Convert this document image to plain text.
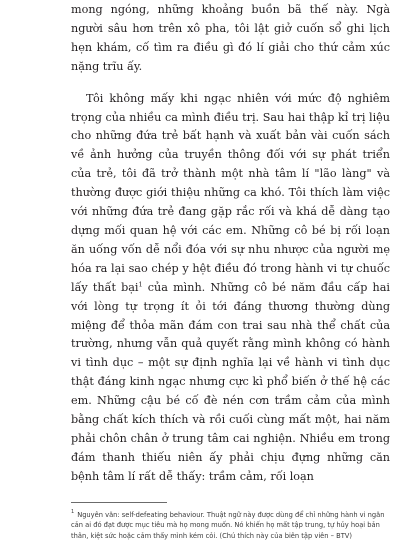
mong ngóng, những khoảng buồn bã thế này. Ngà người sâu hơn trên xô pha, tôi lật giở cuốn sổ ghi lịch hẹn khám, cố tìm ra điều gì đó lí giải cho thứ cảm xúc nặng trĩu ấy.

Tôi không mấy khi ngạc nhiên với mức độ nghiêm trọng của nhiều ca mình điều trị. Sau hai thập kỉ trị liệu cho những đứa trẻ bất hạnh và xuất bản vài cuốn sách về ảnh hưởng của truyền thông đối với sự phát triển của trẻ, tôi đã trở thành một nhà tâm lí "lão làng" và thường được giới thiệu những ca khó. Tôi thích làm việc với những đứa trẻ đang gặp rắc rối và khá dễ dàng tạo dựng mối quan hệ với các em. Những cô bé bị rối loạn ăn uống vốn dễ nổi đóa với sự nhu nhược của người mẹ hóa ra lại sao chép y hệt điều đó trong hành vi tự chuốc lấy thất bại$^1$ của mình. Những cô bé năm đầu cấp hai với lòng tự trọng ít ỏi tới đáng thương thường dùng miệng để thỏa mãn đám con trai sau nhà thể chất của trường, nhưng vẫn quả quyết rằng mình không có hành vi tình dục – một sự định nghĩa lại về hành vi tình dục thật đáng kinh ngạc nhưng cực kì phổ biến ở thế hệ các em. Những cậu bé cố đè nén cơn trầm cảm của mình bằng chất kích thích và rồi cuối cùng mất một, hai năm phải chôn chân ở trung tâm cai nghiện. Nhiều em trong đám thanh thiếu niên ấy phải chịu đựng những căn bệnh tâm lí rất dễ thấy: trầm cảm, rối loạn

$^1$ Nguyên văn: self-defeating behaviour. Thuật ngữ này được dùng để chỉ những hành vi ngăn cản ai đó đạt được mục tiêu mà họ mong muốn. Nó khiến họ mất tập trung, tự hủy hoại bản thân, kiệt sức hoặc cảm thấy mình kém cỏi. (Chú thích này của biên tập viên – BTV)
